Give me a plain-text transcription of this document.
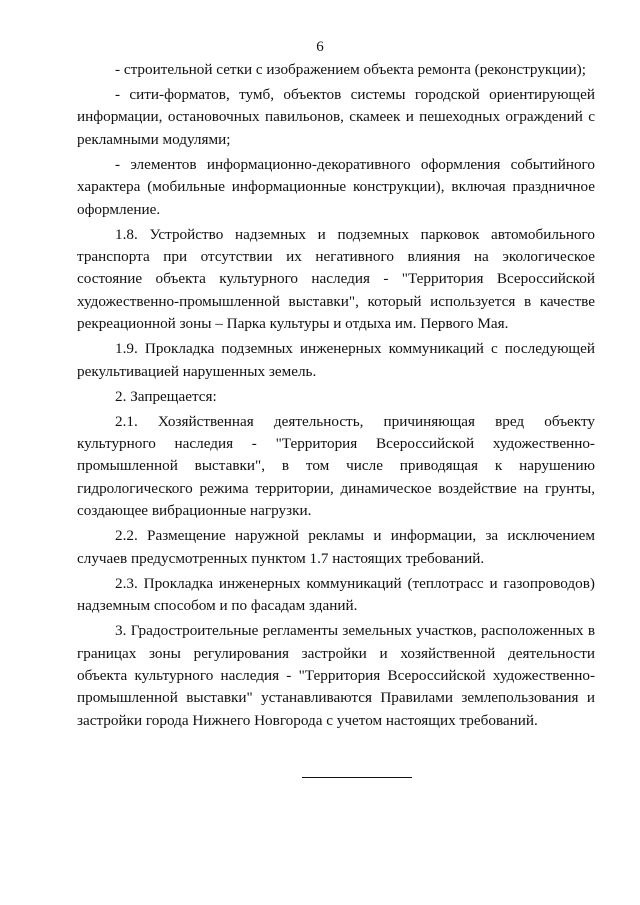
6

- строительной сетки с изображением объекта ремонта (реконструкции);

- сити-форматов, тумб, объектов системы городской ориентирующей информации, остановочных павильонов, скамеек и пешеходных ограждений с рекламными модулями;

- элементов информационно-декоративного оформления событийного характера (мобильные информационные конструкции), включая праздничное оформление.

1.8. Устройство надземных и подземных парковок автомобильного транспорта при отсутствии их негативного влияния на экологическое состояние объекта культурного наследия - "Территория Всероссийской художественно-промышленной выставки", который используется в качестве рекреационной зоны – Парка культуры и отдыха им. Первого Мая.

1.9. Прокладка подземных инженерных коммуникаций с последующей рекультивацией нарушенных земель.

2. Запрещается:

2.1. Хозяйственная деятельность, причиняющая вред объекту культурного наследия - "Территория Всероссийской художественно-промышленной выставки", в том числе приводящая к нарушению гидрологического режима территории, динамическое воздействие на грунты, создающее вибрационные нагрузки.

2.2. Размещение наружной рекламы и информации, за исключением случаев предусмотренных пунктом 1.7 настоящих требований.

2.3. Прокладка инженерных коммуникаций (теплотрасс и газопроводов) надземным способом и по фасадам зданий.

3. Градостроительные регламенты земельных участков, расположенных в границах зоны регулирования застройки и хозяйственной деятельности объекта культурного наследия - "Территория Всероссийской художественно-промышленной выставки" устанавливаются Правилами землепользования и застройки города Нижнего Новгорода с учетом настоящих требований.
